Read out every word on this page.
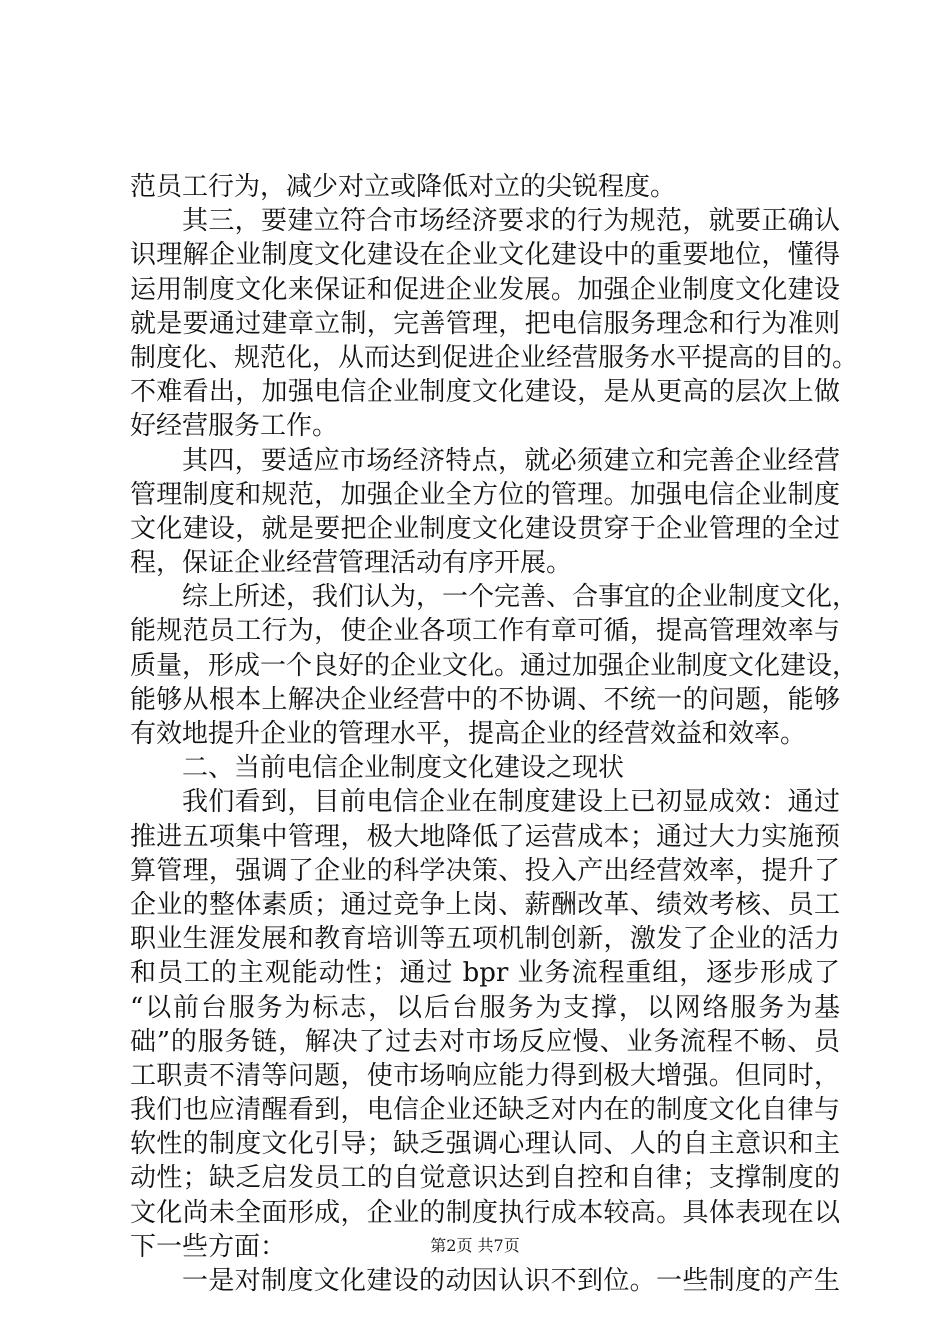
范员工行为，减少对立或降低对立的尖锐程度。
其三，要建立符合市场经济要求的行为规范，就要正确认
识理解企业制度文化建设在企业文化建设中的重要地位，懂得
运用制度文化来保证和促进企业发展。加强企业制度文化建设
就是要通过建章立制，完善管理，把电信服务理念和行为准则
制度化、规范化，从而达到促进企业经营服务水平提高的目的。
不难看出，加强电信企业制度文化建设，是从更高的层次上做
好经营服务工作。
其四，要适应市场经济特点，就必须建立和完善企业经营
管理制度和规范，加强企业全方位的管理。加强电信企业制度
文化建设，就是要把企业制度文化建设贯穿于企业管理的全过
程，保证企业经营管理活动有序开展。
综上所述，我们认为，一个完善、合事宜的企业制度文化，
能规范员工行为，使企业各项工作有章可循，提高管理效率与
质量，形成一个良好的企业文化。通过加强企业制度文化建设，
能够从根本上解决企业经营中的不协调、不统一的问题，能够
有效地提升企业的管理水平，提高企业的经营效益和效率。
二、当前电信企业制度文化建设之现状
我们看到，目前电信企业在制度建设上已初显成效：通过
推进五项集中管理，极大地降低了运营成本；通过大力实施预
算管理，强调了企业的科学决策、投入产出经营效率，提升了
企业的整体素质；通过竞争上岗、薪酬改革、绩效考核、员工
职业生涯发展和教育培训等五项机制创新，激发了企业的活力
和员工的主观能动性；通过 bpr 业务流程重组，逐步形成了
“以前台服务为标志，以后台服务为支撑，以网络服务为基
础”的服务链，解决了过去对市场反应慢、业务流程不畅、员
工职责不清等问题，使市场响应能力得到极大增强。但同时，
我们也应清醒看到，电信企业还缺乏对内在的制度文化自律与
软性的制度文化引导；缺乏强调心理认同、人的自主意识和主
动性；缺乏启发员工的自觉意识达到自控和自律；支撑制度的
文化尚未全面形成，企业的制度执行成本较高。具体表现在以
下一些方面：
一是对制度文化建设的动因认识不到位。一些制度的产生
第2页 共7页
